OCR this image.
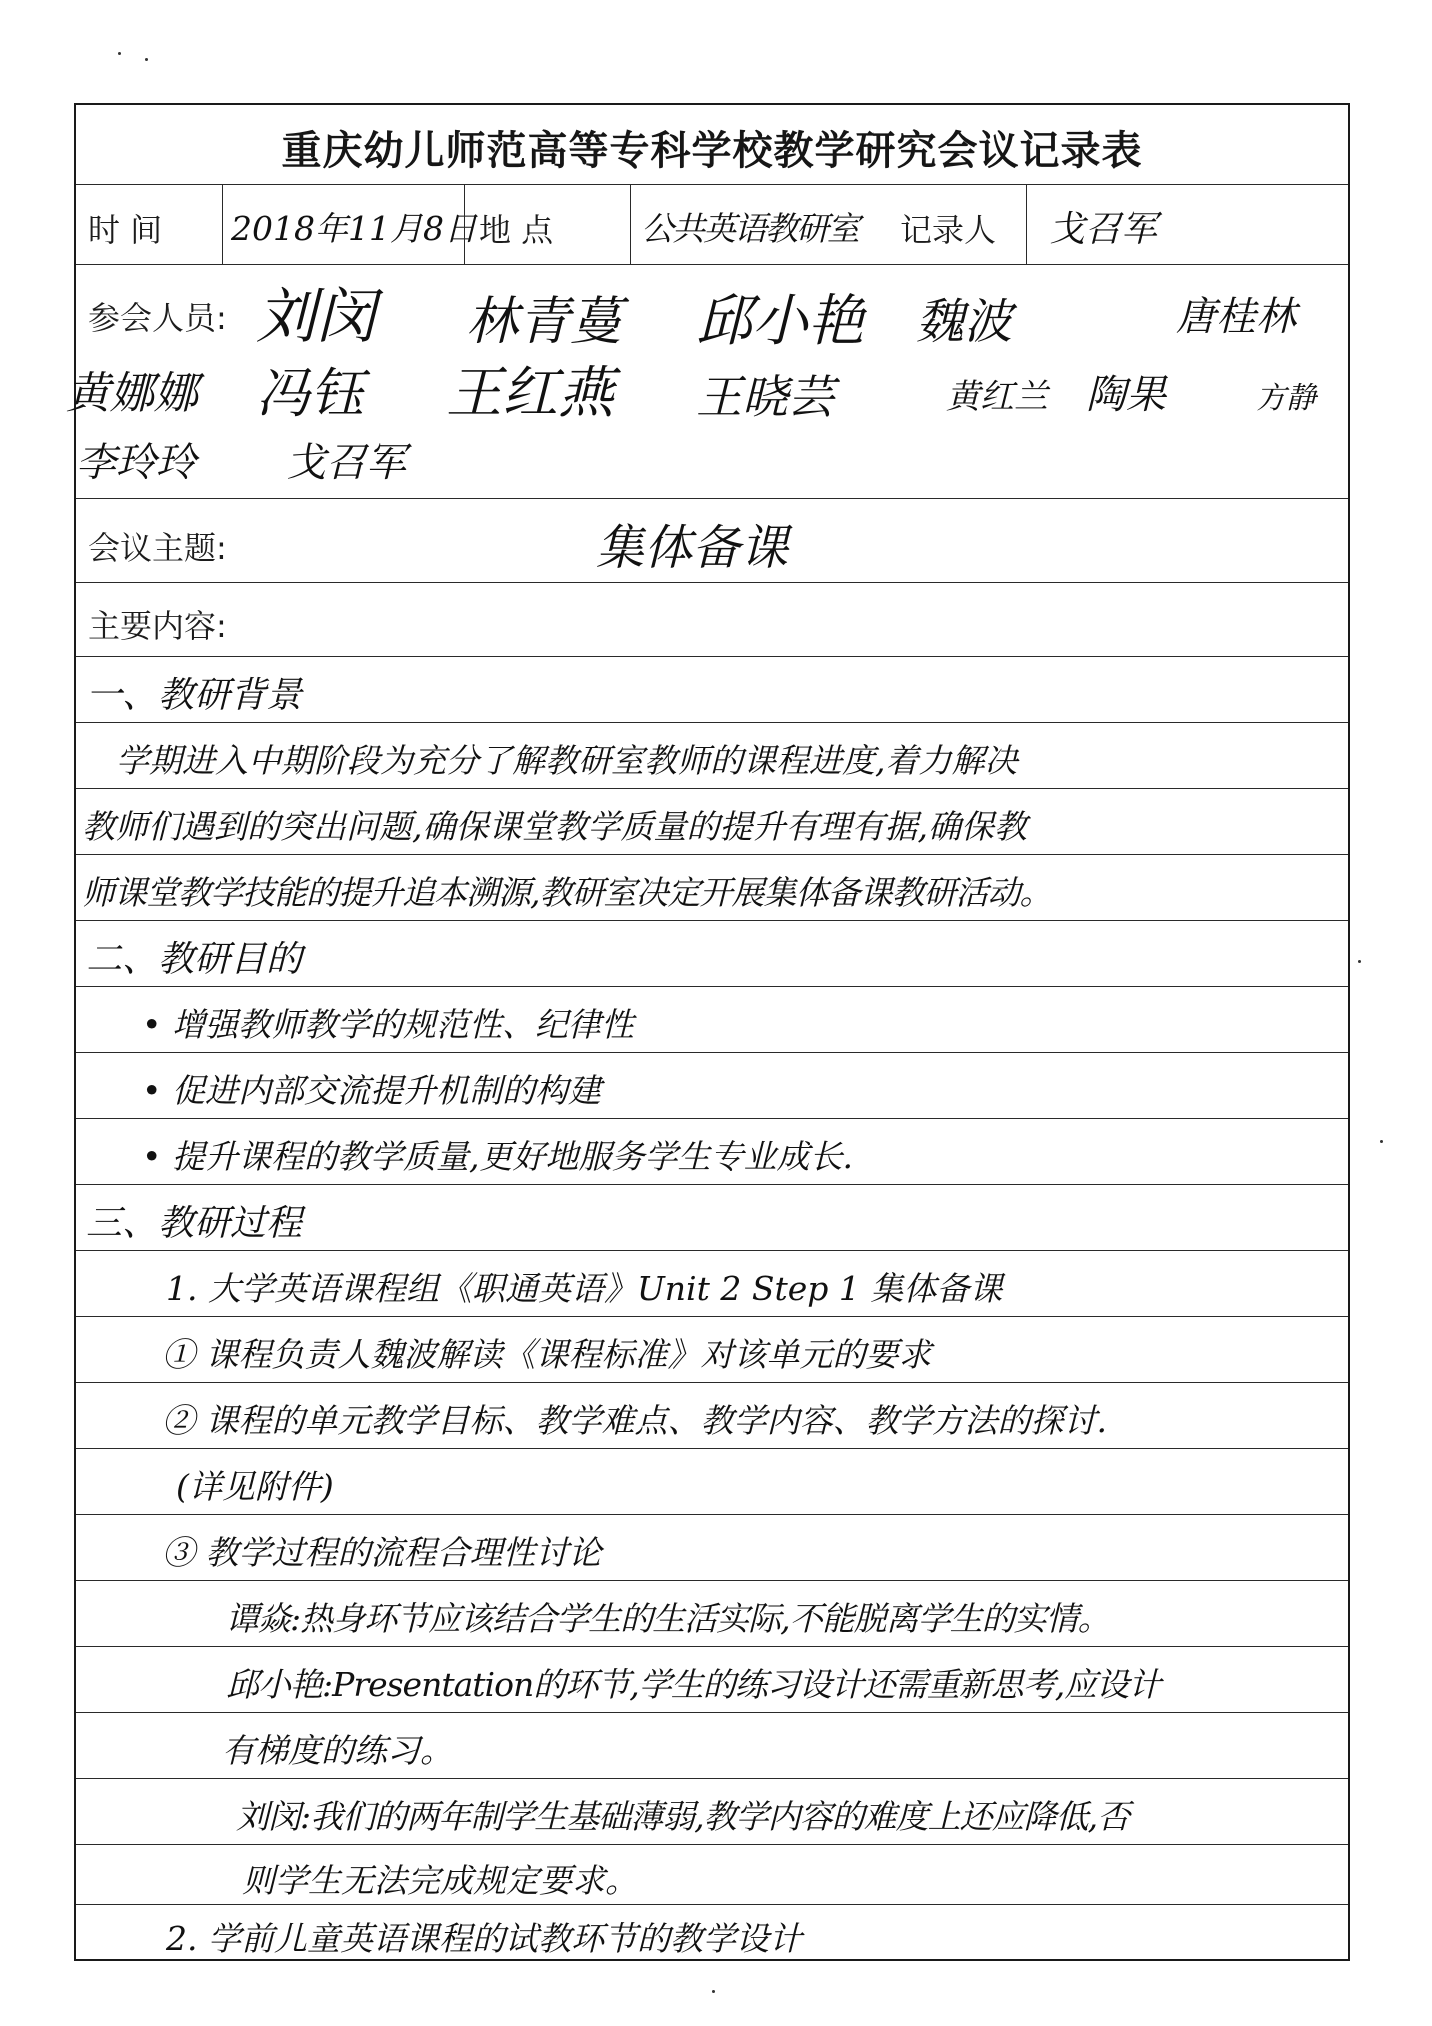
重庆幼儿师范高等专科学校教学研究会议记录表
时 间 2018年11月8日 地 点	公共英语教研室 记录人 戈召军
参会人员: 刘闵 林青蔓 邱小艳 魏波	唐桂林
黄娜娜 冯钰 王红燕 王晓芸	黄红兰 陶果	方静
李玲玲 戈召军
会议主题:	集体备课
主要内容:
一、教研背景
学期进入中期阶段为充分了解教研室教师的课程进度,着力解决
教师们遇到的突出问题,确保课堂教学质量的提升有理有据,确保教
师课堂教学技能的提升追本溯源,教研室决定开展集体备课教研活动。
二、教研目的
• 增强教师教学的规范性、纪律性
• 促进内部交流提升机制的构建
• 提升课程的教学质量,更好地服务学生专业成长.
三、教研过程
1. 大学英语课程组《职通英语》Unit 2 Step 1 集体备课
① 课程负责人魏波解读《课程标准》对该单元的要求
② 课程的单元教学目标、教学难点、教学内容、教学方法的探讨.
(详见附件)
③ 教学过程的流程合理性讨论
谭焱:热身环节应该结合学生的生活实际,不能脱离学生的实情。
邱小艳:Presentation的环节,学生的练习设计还需重新思考,应设计
有梯度的练习。
刘闵:我们的两年制学生基础薄弱,教学内容的难度上还应降低,否
则学生无法完成规定要求。
2. 学前儿童英语课程的试教环节的教学设计
